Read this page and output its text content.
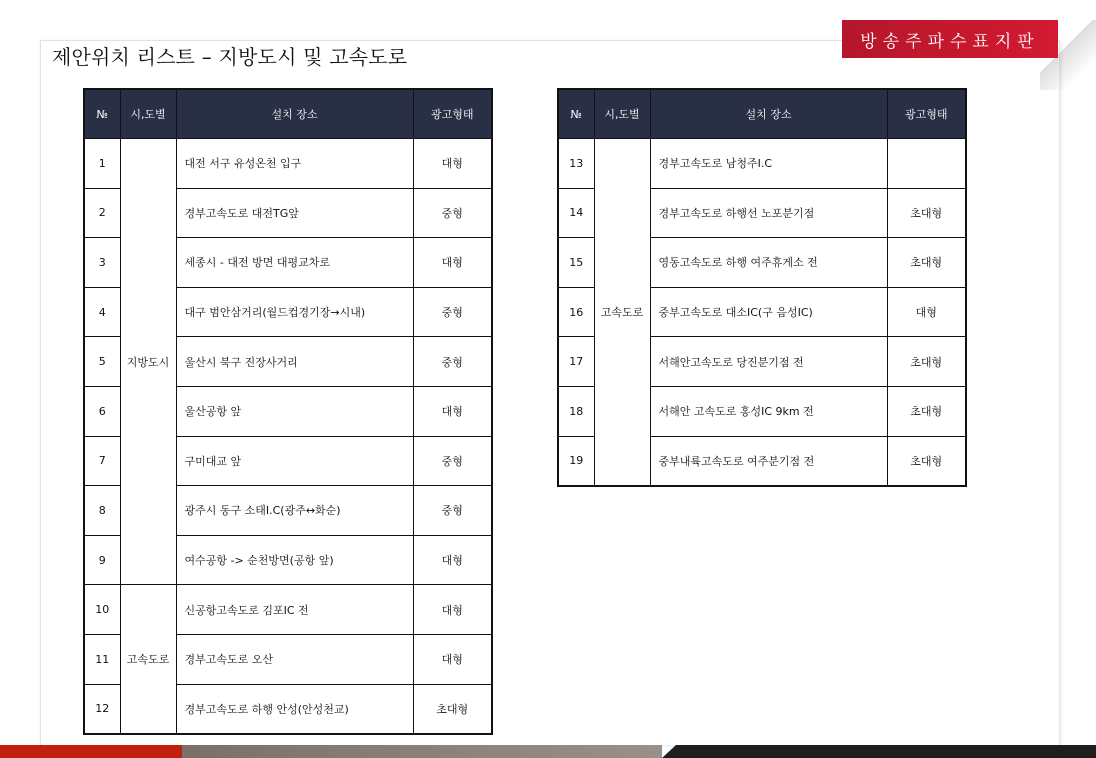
방송주파수표지판
제안위치 리스트 – 지방도시 및 고속도로
№	시,도별	설치 장소	광고형태
1	지방도시	대전 서구 유성온천 입구	대형
2		경부고속도로 대전TG앞	중형
3		세종시 - 대전 방면 대평교차로	대형
4		대구 범안삼거리(월드컵경기장→시내)	중형
5		울산시 북구 진장사거리	중형
6		울산공항 앞	대형
7		구미대교 앞	중형
8		광주시 동구 소태I.C(광주↔화순)	중형
9		여수공항 -> 순천방면(공항 앞)	대형
10	고속도로	신공항고속도로 김포IC 전	대형
11		경부고속도로 오산	대형
12		경부고속도로 하행 안성(안성천교)	초대형
№	시,도별	설치 장소	광고형태
13	고속도로	경부고속도로 남청주I.C	
14		경부고속도로 하행선 노포분기점	초대형
15		영동고속도로 하행 여주휴게소 전	초대형
16		중부고속도로 대소IC(구 음성IC)	대형
17		서해안고속도로 당진분기점 전	초대형
18		서해안 고속도로 홍성IC 9km 전	초대형
19		중부내륙고속도로 여주분기점 전	초대형
